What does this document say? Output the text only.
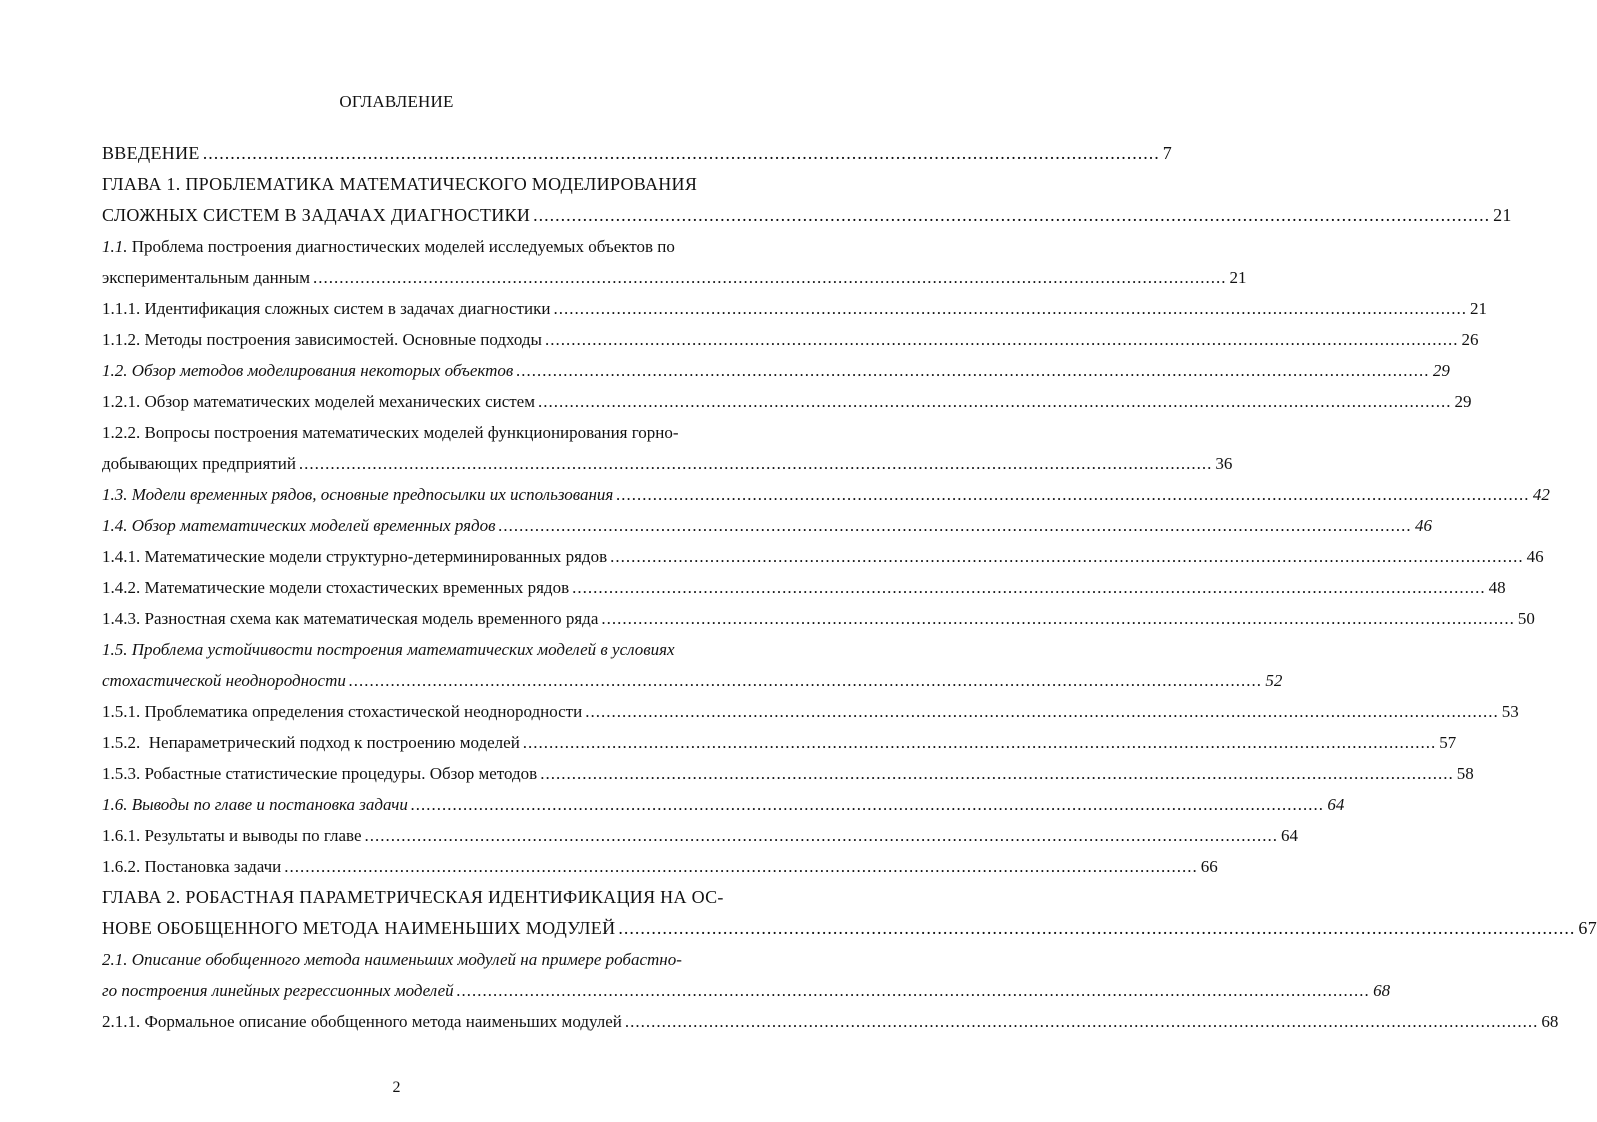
ОГЛАВЛЕНИЕ
ВВЕДЕНИЕ .............................................................................................................................................................................. 7
ГЛАВА 1. ПРОБЛЕМАТИКА МАТЕМАТИЧЕСКОГО МОДЕЛИРОВАНИЯ
СЛОЖНЫХ СИСТЕМ В ЗАДАЧАХ ДИАГНОСТИКИ .............................................................................................................................................................................. 21
1.1. Проблема построения диагностических моделей исследуемых объектов по
экспериментальным данным .............................................................................................................................................................................. 21
1.1.1. Идентификация сложных систем в задачах диагностики .............................................................................................................................................................................. 21
1.1.2. Методы построения зависимостей. Основные подходы .............................................................................................................................................................................. 26
1.2. Обзор методов моделирования некоторых объектов .............................................................................................................................................................................. 29
1.2.1. Обзор математических моделей механических систем .............................................................................................................................................................................. 29
1.2.2. Вопросы построения математических моделей функционирования горно-
добывающих предприятий .............................................................................................................................................................................. 36
1.3. Модели временных рядов, основные предпосылки их использования .............................................................................................................................................................................. 42
1.4. Обзор математических моделей временных рядов .............................................................................................................................................................................. 46
1.4.1. Математические модели структурно-детерминированных рядов .............................................................................................................................................................................. 46
1.4.2. Математические модели стохастических временных рядов .............................................................................................................................................................................. 48
1.4.3. Разностная схема как математическая модель временного ряда .............................................................................................................................................................................. 50
1.5. Проблема устойчивости построения математических моделей в условиях
стохастической неоднородности .............................................................................................................................................................................. 52
1.5.1. Проблематика определения стохастической неоднородности .............................................................................................................................................................................. 53
1.5.2.  Непараметрический подход к построению моделей .............................................................................................................................................................................. 57
1.5.3. Робастные статистические процедуры. Обзор методов .............................................................................................................................................................................. 58
1.6. Выводы по главе и постановка задачи .............................................................................................................................................................................. 64
1.6.1. Результаты и выводы по главе .............................................................................................................................................................................. 64
1.6.2. Постановка задачи .............................................................................................................................................................................. 66
ГЛАВА 2. РОБАСТНАЯ ПАРАМЕТРИЧЕСКАЯ ИДЕНТИФИКАЦИЯ НА ОС-
НОВЕ ОБОБЩЕННОГО МЕТОДА НАИМЕНЬШИХ МОДУЛЕЙ .............................................................................................................................................................................. 67
2.1. Описание обобщенного метода наименьших модулей на примере робастно-
го построения линейных регрессионных моделей .............................................................................................................................................................................. 68
2.1.1. Формальное описание обобщенного метода наименьших модулей .............................................................................................................................................................................. 68
2
